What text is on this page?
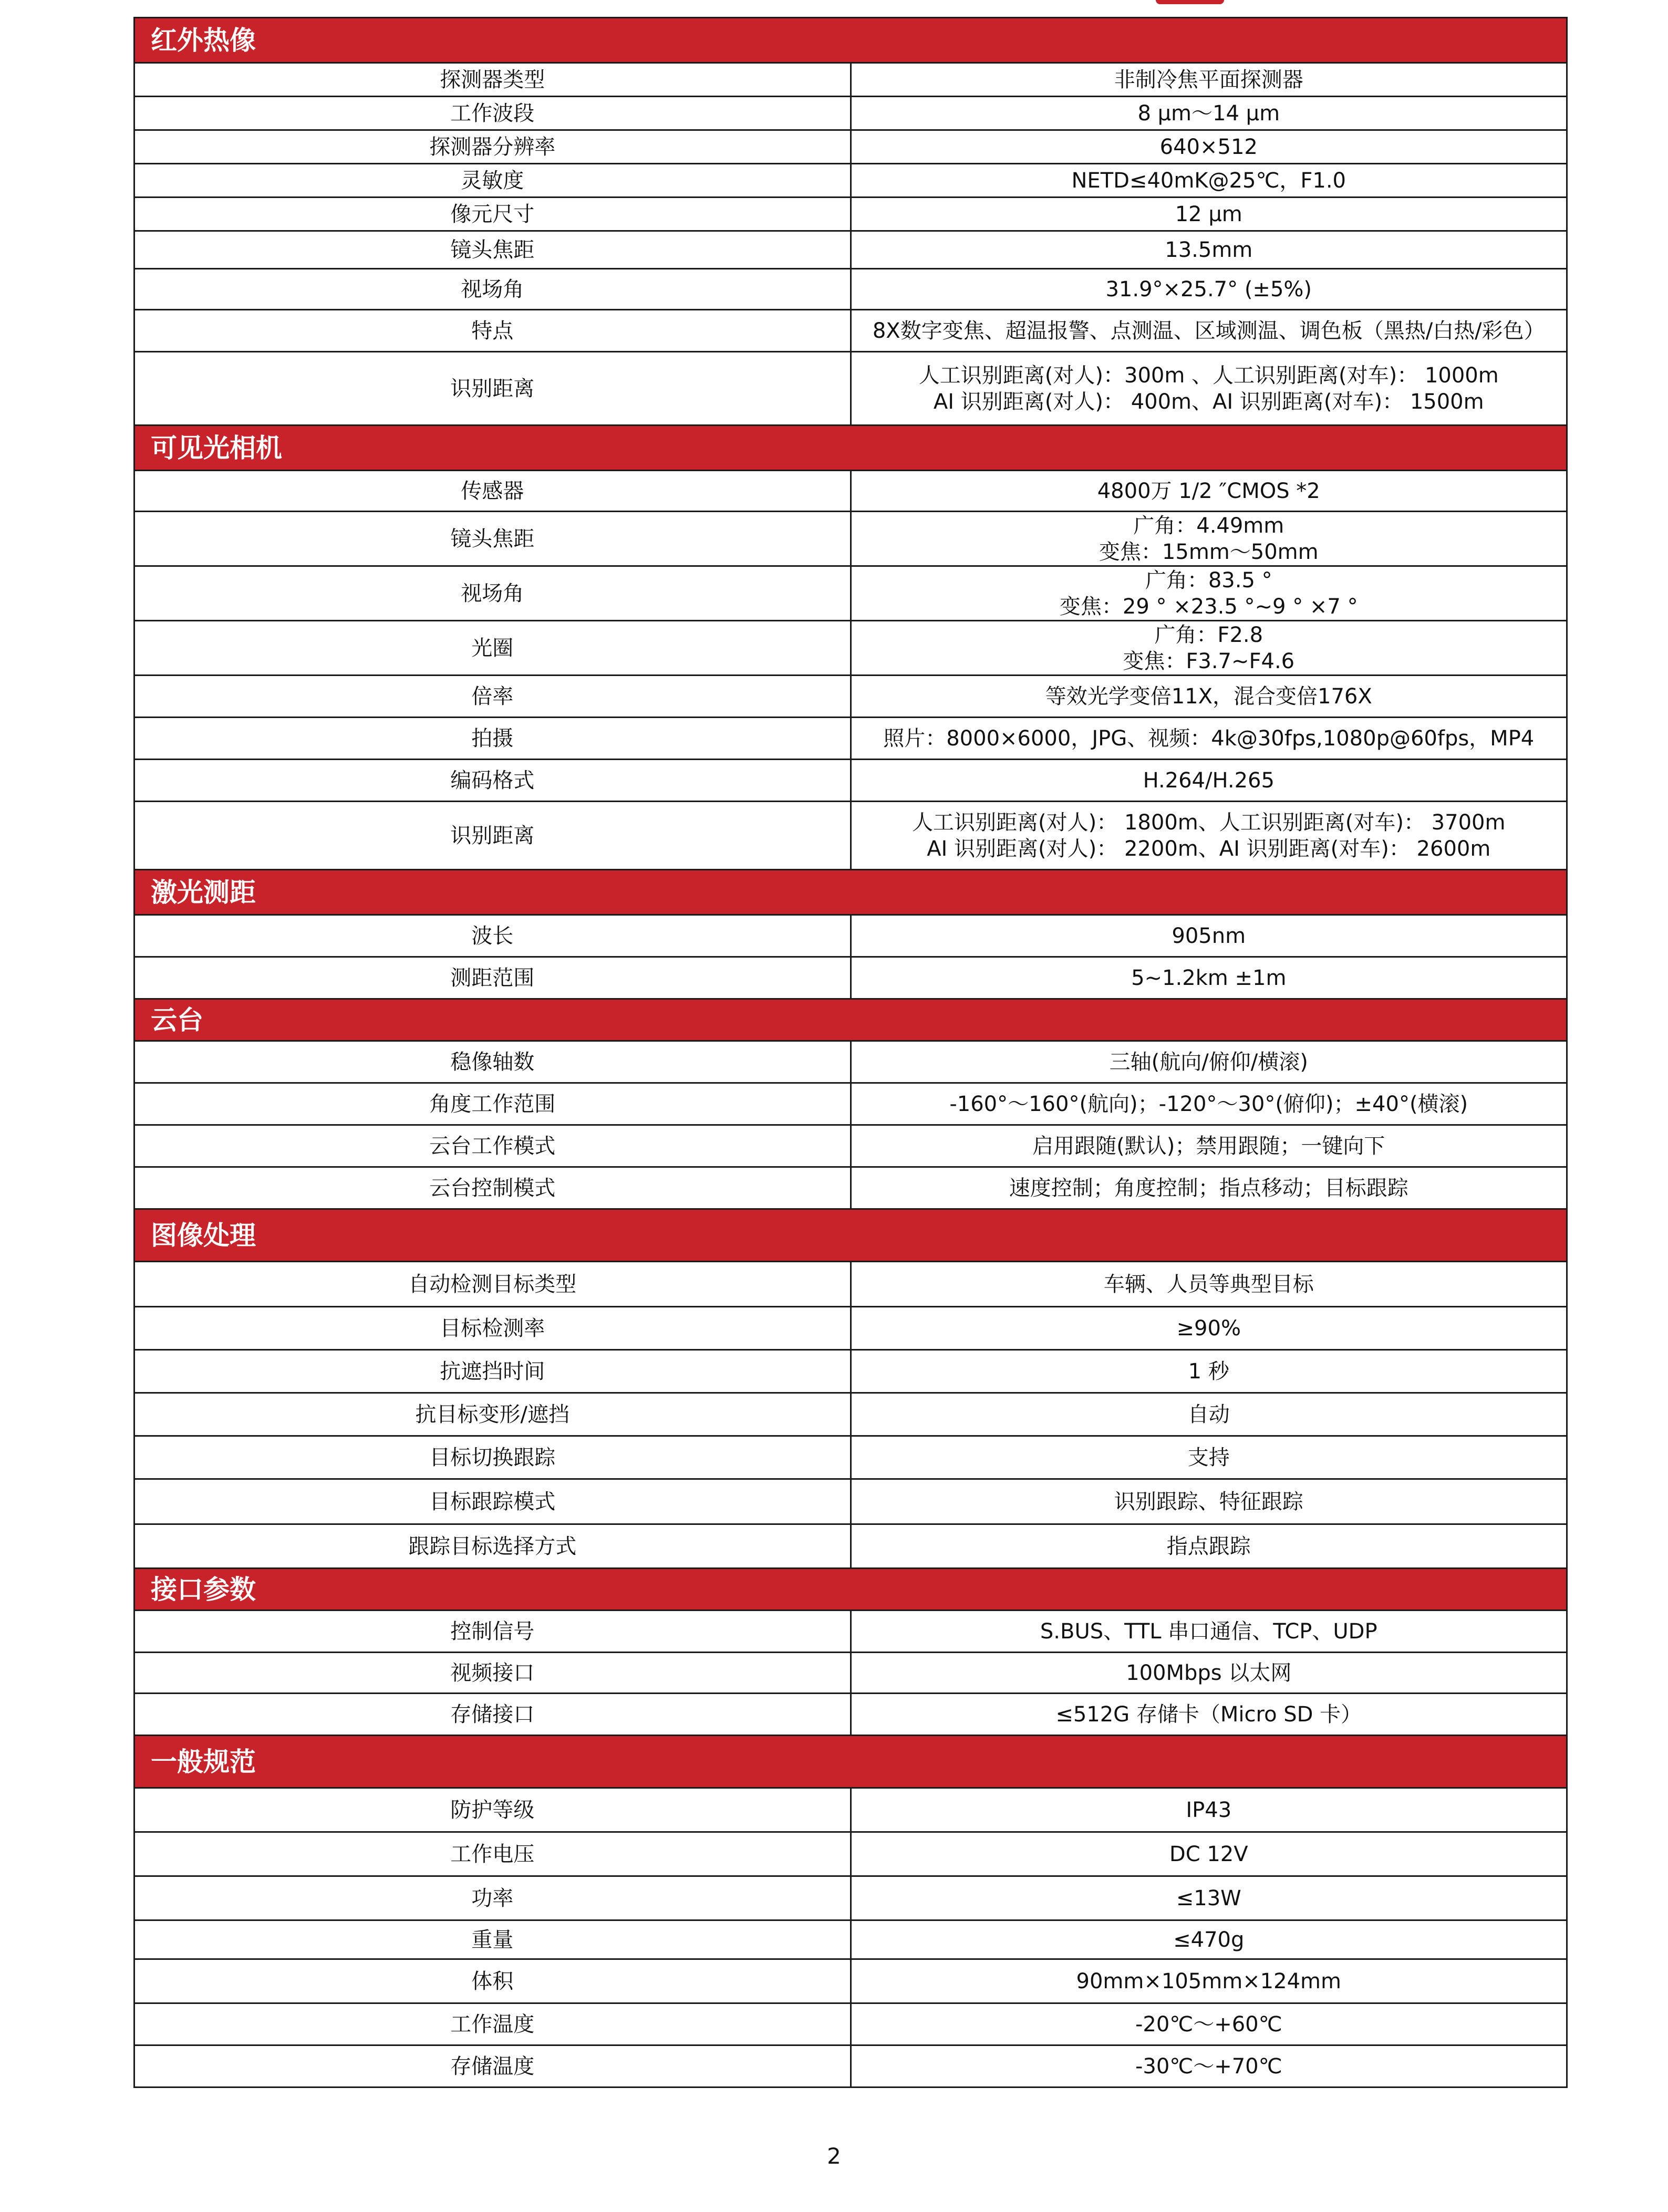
红外热像	
探测器类型	非制冷焦平面探测器

工作波段	8 μm～14 μm

探测器分辨率	640×512

灵敏度	NETD≤40mK@25℃，F1.0

像元尺寸	12 μm

镜头焦距	13.5mm

视场角	31.9°×25.7° (±5%)

特点	8X数字变焦、超温报警、点测温、区域测温、调色板（黑热/白热/彩色）

识别距离	人工识别距离(对人)：300m 、人工识别距离(对车)： 1000m
AI 识别距离(对人)： 400m、AI 识别距离(对车)： 1500m

可见光相机	
传感器	4800万 1/2 ″CMOS *2

镜头焦距	广角：4.49mm
变焦：15mm～50mm

视场角	广角：83.5 °
变焦：29 ° ×23.5 °~9 ° ×7 °

光圈	广角：F2.8
变焦：F3.7~F4.6

倍率	等效光学变倍11X，混合变倍176X

拍摄	照片：8000×6000，JPG、视频：4k@30fps,1080p@60fps，MP4

编码格式	H.264/H.265

识别距离	人工识别距离(对人)： 1800m、人工识别距离(对车)： 3700m
AI 识别距离(对人)： 2200m、AI 识别距离(对车)： 2600m

激光测距	
波长	905nm

测距范围	5~1.2km ±1m

云台	
稳像轴数	三轴(航向/俯仰/横滚)

角度工作范围	-160°～160°(航向)；-120°～30°(俯仰)；±40°(横滚)

云台工作模式	启用跟随(默认)；禁用跟随；一键向下

云台控制模式	速度控制；角度控制；指点移动；目标跟踪

图像处理	
自动检测目标类型	车辆、人员等典型目标

目标检测率	≥90%

抗遮挡时间	1 秒

抗目标变形/遮挡	自动

目标切换跟踪	支持

目标跟踪模式	识别跟踪、特征跟踪

跟踪目标选择方式	指点跟踪

接口参数	
控制信号	S.BUS、TTL 串口通信、TCP、UDP

视频接口	100Mbps 以太网

存储接口	≤512G 存储卡（Micro SD 卡）

一般规范	
防护等级	IP43

工作电压	DC 12V

功率	≤13W

重量	≤470g

体积	90mm×105mm×124mm

工作温度	-20℃～+60℃

存储温度	-30℃～+70℃
2
